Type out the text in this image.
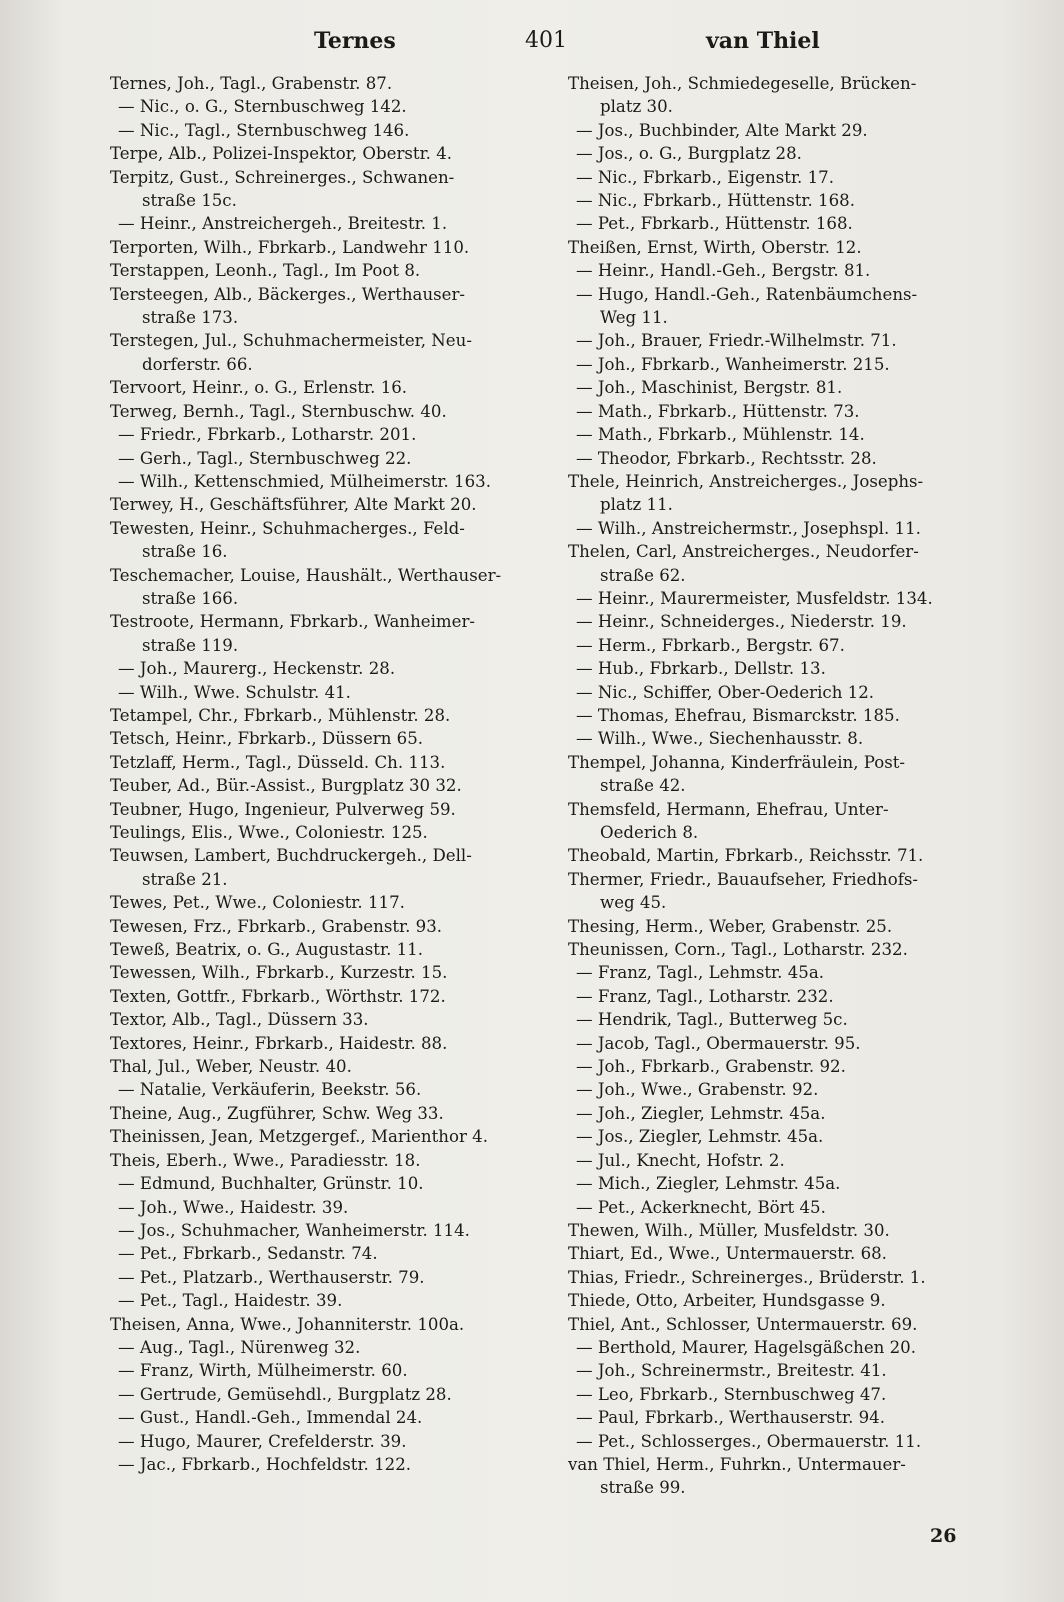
Ternes	401	van Thiel
Ternes, Joh., Tagl., Grabenstr. 87.
— Nic., o. G., Sternbuschweg 142.
— Nic., Tagl., Sternbuschweg 146.
Terpe, Alb., Polizei-Inspektor, Oberstr. 4.
Terpitz, Gust., Schreinerges., Schwanen-
straße 15c.
— Heinr., Anstreichergeh., Breitestr. 1.
Terporten, Wilh., Fbrkarb., Landwehr 110.
Terstappen, Leonh., Tagl., Im Poot 8.
Tersteegen, Alb., Bäckerges., Werthauser-
straße 173.
Terstegen, Jul., Schuhmachermeister, Neu-
dorferstr. 66.
Tervoort, Heinr., o. G., Erlenstr. 16.
Terweg, Bernh., Tagl., Sternbuschw. 40.
— Friedr., Fbrkarb., Lotharstr. 201.
— Gerh., Tagl., Sternbuschweg 22.
— Wilh., Kettenschmied, Mülheimerstr. 163.
Terwey, H., Geschäftsführer, Alte Markt 20.
Tewesten, Heinr., Schuhmacherges., Feld-
straße 16.
Teschemacher, Louise, Haushält., Werthauser-
straße 166.
Testroote, Hermann, Fbrkarb., Wanheimer-
straße 119.
— Joh., Maurerg., Heckenstr. 28.
— Wilh., Wwe. Schulstr. 41.
Tetampel, Chr., Fbrkarb., Mühlenstr. 28.
Tetsch, Heinr., Fbrkarb., Düssern 65.
Tetzlaff, Herm., Tagl., Düsseld. Ch. 113.
Teuber, Ad., Bür.-Assist., Burgplatz 30 32.
Teubner, Hugo, Ingenieur, Pulverweg 59.
Teulings, Elis., Wwe., Coloniestr. 125.
Teuwsen, Lambert, Buchdruckergeh., Dell-
straße 21.
Tewes, Pet., Wwe., Coloniestr. 117.
Tewesen, Frz., Fbrkarb., Grabenstr. 93.
Teweß, Beatrix, o. G., Augustastr. 11.
Tewessen, Wilh., Fbrkarb., Kurzestr. 15.
Texten, Gottfr., Fbrkarb., Wörthstr. 172.
Textor, Alb., Tagl., Düssern 33.
Textores, Heinr., Fbrkarb., Haidestr. 88.
Thal, Jul., Weber, Neustr. 40.
— Natalie, Verkäuferin, Beekstr. 56.
Theine, Aug., Zugführer, Schw. Weg 33.
Theinissen, Jean, Metzgergef., Marienthor 4.
Theis, Eberh., Wwe., Paradiesstr. 18.
— Edmund, Buchhalter, Grünstr. 10.
— Joh., Wwe., Haidestr. 39.
— Jos., Schuhmacher, Wanheimerstr. 114.
— Pet., Fbrkarb., Sedanstr. 74.
— Pet., Platzarb., Werthauserstr. 79.
— Pet., Tagl., Haidestr. 39.
Theisen, Anna, Wwe., Johanniterstr. 100a.
— Aug., Tagl., Nürenweg 32.
— Franz, Wirth, Mülheimerstr. 60.
— Gertrude, Gemüsehdl., Burgplatz 28.
— Gust., Handl.-Geh., Immendal 24.
— Hugo, Maurer, Crefelderstr. 39.
— Jac., Fbrkarb., Hochfeldstr. 122.
Theisen, Joh., Schmiedegeselle, Brücken-
platz 30.
— Jos., Buchbinder, Alte Markt 29.
— Jos., o. G., Burgplatz 28.
— Nic., Fbrkarb., Eigenstr. 17.
— Nic., Fbrkarb., Hüttenstr. 168.
— Pet., Fbrkarb., Hüttenstr. 168.
Theißen, Ernst, Wirth, Oberstr. 12.
— Heinr., Handl.-Geh., Bergstr. 81.
— Hugo, Handl.-Geh., Ratenbäumchens-
Weg 11.
— Joh., Brauer, Friedr.-Wilhelmstr. 71.
— Joh., Fbrkarb., Wanheimerstr. 215.
— Joh., Maschinist, Bergstr. 81.
— Math., Fbrkarb., Hüttenstr. 73.
— Math., Fbrkarb., Mühlenstr. 14.
— Theodor, Fbrkarb., Rechtsstr. 28.
Thele, Heinrich, Anstreicherges., Josephs-
platz 11.
— Wilh., Anstreichermstr., Josephspl. 11.
Thelen, Carl, Anstreicherges., Neudorfer-
straße 62.
— Heinr., Maurermeister, Musfeldstr. 134.
— Heinr., Schneiderges., Niederstr. 19.
— Herm., Fbrkarb., Bergstr. 67.
— Hub., Fbrkarb., Dellstr. 13.
— Nic., Schiffer, Ober-Oederich 12.
— Thomas, Ehefrau, Bismarckstr. 185.
— Wilh., Wwe., Siechenhausstr. 8.
Thempel, Johanna, Kinderfräulein, Post-
straße 42.
Themsfeld, Hermann, Ehefrau, Unter-
Oederich 8.
Theobald, Martin, Fbrkarb., Reichsstr. 71.
Thermer, Friedr., Bauaufseher, Friedhofs-
weg 45.
Thesing, Herm., Weber, Grabenstr. 25.
Theunissen, Corn., Tagl., Lotharstr. 232.
— Franz, Tagl., Lehmstr. 45a.
— Franz, Tagl., Lotharstr. 232.
— Hendrik, Tagl., Butterweg 5c.
— Jacob, Tagl., Obermauerstr. 95.
— Joh., Fbrkarb., Grabenstr. 92.
— Joh., Wwe., Grabenstr. 92.
— Joh., Ziegler, Lehmstr. 45a.
— Jos., Ziegler, Lehmstr. 45a.
— Jul., Knecht, Hofstr. 2.
— Mich., Ziegler, Lehmstr. 45a.
— Pet., Ackerknecht, Bört 45.
Thewen, Wilh., Müller, Musfeldstr. 30.
Thiart, Ed., Wwe., Untermauerstr. 68.
Thias, Friedr., Schreinerges., Brüderstr. 1.
Thiede, Otto, Arbeiter, Hundsgasse 9.
Thiel, Ant., Schlosser, Untermauerstr. 69.
— Berthold, Maurer, Hagelsgäßchen 20.
— Joh., Schreinermstr., Breitestr. 41.
— Leo, Fbrkarb., Sternbuschweg 47.
— Paul, Fbrkarb., Werthauserstr. 94.
— Pet., Schlosserges., Obermauerstr. 11.
van Thiel, Herm., Fuhrkn., Untermauer-
straße 99.
26
